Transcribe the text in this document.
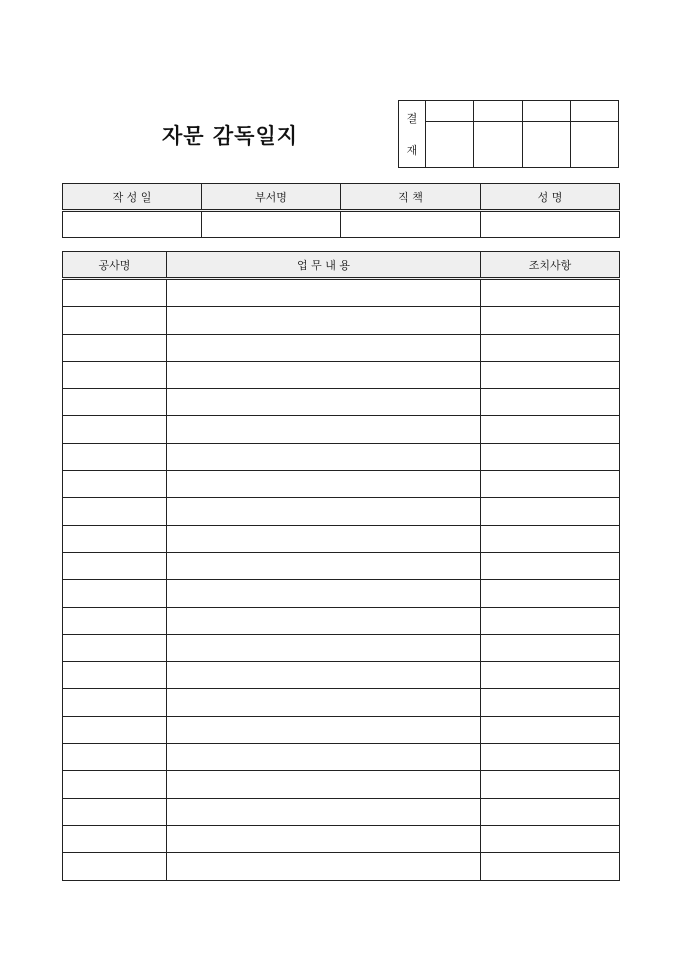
자문 감독일지
결
재				

작 성 일	부서명	직 책	성 명

공사명	업 무 내 용	조치사항
